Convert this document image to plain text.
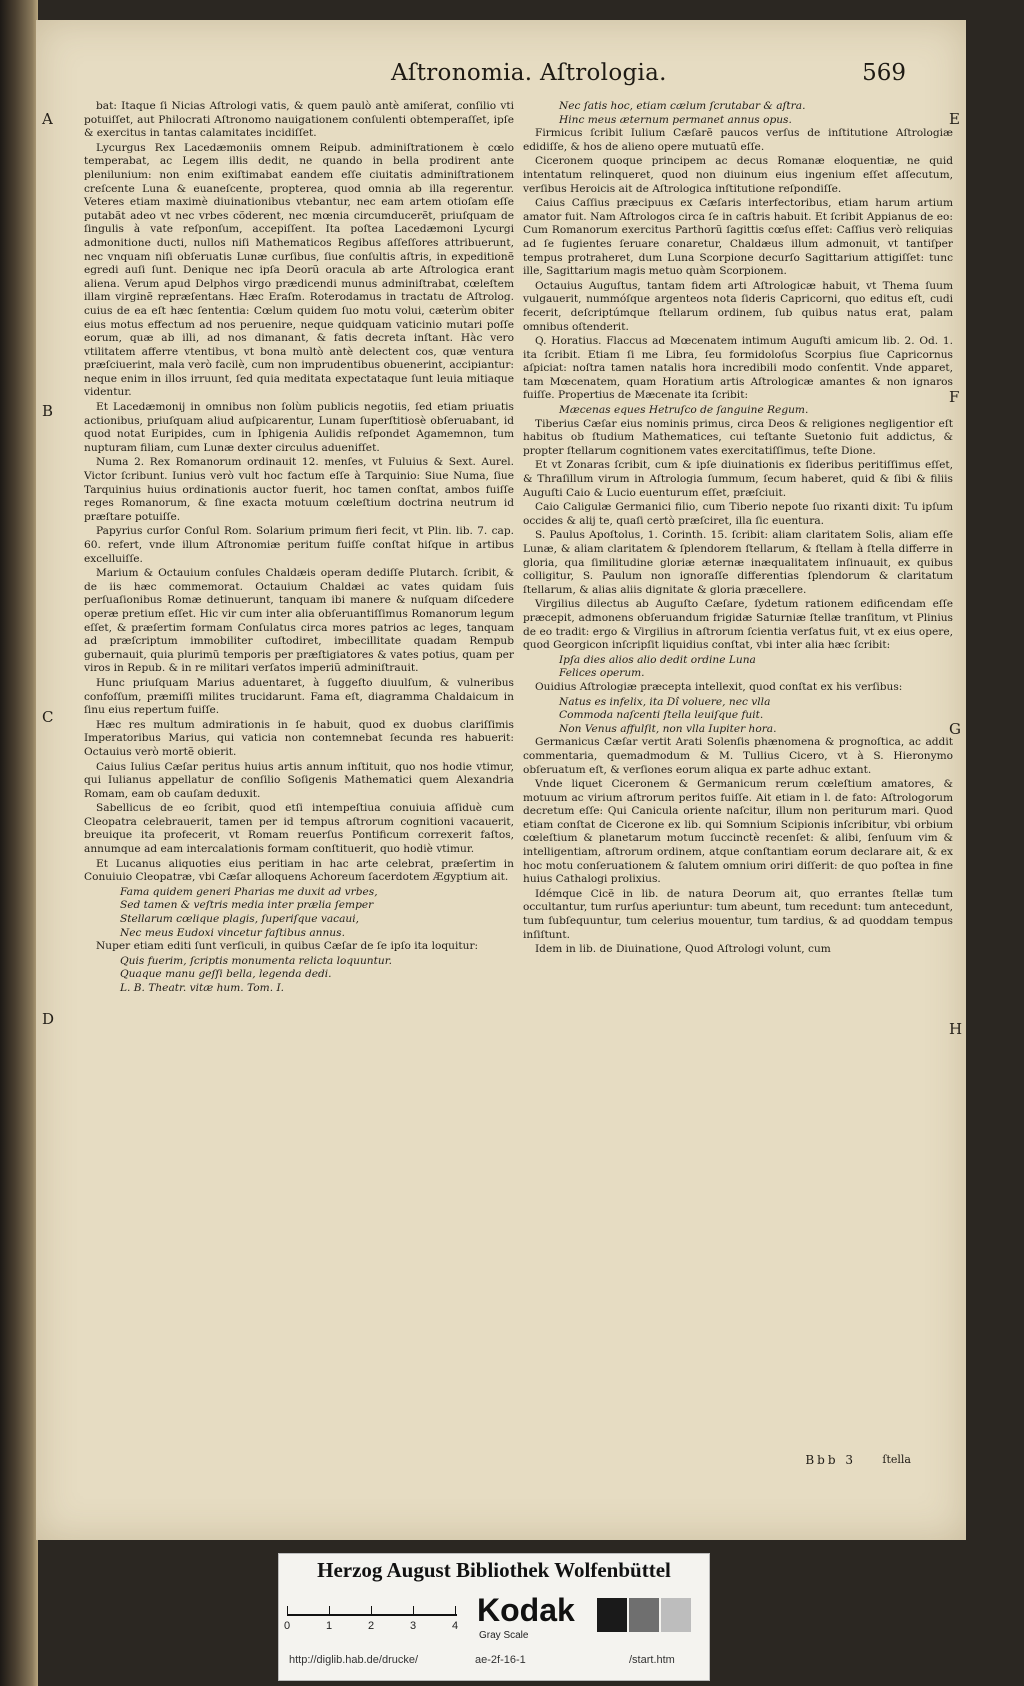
Aſtronomia. Aſtrologia.	569

bat: Itaque ſi Nicias Aſtrologi vatis, & quem paulò antè amiſerat, conſilio vti potuiſſet, aut Philocrati Aſtronomo nauigationem conſulenti obtemperaſſet, ipſe & exercitus in tantas calamitates incidiſſet.

Lycurgus Rex Lacedæmoniis omnem Reipub. adminiſtrationem è cœlo temperabat, ac Legem illis dedit, ne quando in bella prodirent ante plenilunium: non enim exiſtimabat eandem eſſe ciuitatis adminiſtrationem creſcente Luna & euaneſcente, propterea, quod omnia ab illa regerentur. Veteres etiam maximè diuinationibus vtebantur, nec eam artem otioſam eſſe putabãt adeo vt nec vrbes cõderent, nec mœnia circumducerẽt, priuſquam de ſingulis à vate reſponſum, accepiſſent. Ita poſtea Lacedæmoni Lycurgi admonitione ducti, nullos niſi Mathematicos Regibus aſſeſſores attribuerunt, nec vnquam niſi obſeruatis Lunæ curſibus, ſiue conſultis aſtris, in expeditionẽ egredi auſi ſunt. Denique nec ipſa Deorũ oracula ab arte Aſtrologica erant aliena. Verum apud Delphos virgo prædicendi munus adminiſtrabat, cœleſtem illam virginẽ repræſentans. Hæc Eraſm. Roterodamus in tractatu de Aſtrolog. cuius de ea eſt hæc ſententia: Cœlum quidem ſuo motu volui, cæterùm obiter eius motus effectum ad nos peruenire, neque quidquam vaticinio mutari poſſe eorum, quæ ab illi, ad nos dimanant, & fatis decreta inſtant. Hàc vero vtilitatem afferre vtentibus, vt bona multò antè delectent cos, quæ ventura præſciuerint, mala verò facilè, cum non imprudentibus obuenerint, accipiantur: neque enim in illos irruunt, ſed quia meditata expectataque ſunt leuia mitiaque videntur.

Et Lacedæmonij in omnibus non ſolùm publicis negotiis, ſed etiam priuatis actionibus, priuſquam aliud auſpicarentur, Lunam ſuperſtitiosè obſeruabant, id quod notat Euripides, cum in Iphigenia Aulidis reſpondet Agamemnon, tum nupturam filiam, cum Lunæ dexter circulus aduenifſet.

Numa 2. Rex Romanorum ordinauit 12. menſes, vt Fuluius & Sext. Aurel. Victor ſcribunt. Iunius verò vult hoc factum eſſe à Tarquinio: Siue Numa, ſiue Tarquinius huius ordinationis auctor fuerit, hoc tamen conſtat, ambos fuiſſe reges Romanorum, & ſine exacta motuum cœleſtium doctrina neutrum id præſtare potuiſſe.

Papyrius curſor Conſul Rom. Solarium primum fieri fecit, vt Plin. lib. 7. cap. 60. refert, vnde illum Aſtronomiæ peritum fuiſſe conſtat hiſque in artibus excelluiſſe.

Marium & Octauium conſules Chaldæis operam dediſſe Plutarch. ſcribit, & de iis hæc commemorat. Octauium Chaldæi ac vates quidam ſuis perſuaſionibus Romæ detinuerunt, tanquam ibi manere & nuſquam diſcedere operæ pretium eſſet. Hic vir cum inter alia obſeruantiſſimus Romanorum legum eſſet, & præſertim formam Conſulatus circa mores patrios ac leges, tanquam ad præſcriptum immobiliter cuſtodiret, imbecillitate quadam Rempub gubernauit, quia plurimũ temporis per præſtigiatores & vates potius, quam per viros in Repub. & in re militari verſatos imperiũ adminiſtrauit.

Hunc priuſquam Marius aduentaret, à ſuggeſto diuulſum, & vulneribus confoſſum, præmiſſi milites trucidarunt. Fama eſt, diagramma Chaldaicum in ſinu eius repertum fuiſſe.

Hæc res multum admirationis in ſe habuit, quod ex duobus clariſſimis Imperatoribus Marius, qui vaticia non contemnebat ſecunda res habuerit: Octauius verò mortẽ obierit.

Caius Iulius Cæſar peritus huius artis annum inſtituit, quo nos hodie vtimur, qui Iulianus appellatur de conſilio Soſigenis Mathematici quem Alexandria Romam, eam ob cauſam deduxit.

Sabellicus de eo ſcribit, quod etſi intempeſtiua conuiuia aſſiduè cum Cleopatra celebrauerit, tamen per id tempus aſtrorum cognitioni vacauerit, breuique ita profecerit, vt Romam reuerſus Pontificum correxerit faſtos, annumque ad eam intercalationis formam conſtituerit, quo hodiè vtimur.

Et Lucanus aliquoties eius peritiam in hac arte celebrat, præſertim in Conuiuio Cleopatræ, vbi Cæſar alloquens Achoreum ſacerdotem Ægyptium ait.

Fama quidem generi Pharias me duxit ad vrbes,

Sed tamen & veſtris media inter prælia ſemper

Stellarum cœlique plagis, ſuperiſque vacaui,

Nec meus Eudoxi vincetur faſtibus annus.

Nuper etiam editi ſunt verſiculi, in quibus Cæſar de ſe ipſo ita loquitur:

Quis fuerim, ſcriptis monumenta relicta loquuntur.

Quaque manu geſſi bella, legenda dedi.

L. B. Theatr. vitæ hum. Tom. I.

Nec ſatis hoc, etiam cælum ſcrutabar & aſtra.

Hinc meus æternum permanet annus opus.

Firmicus ſcribit Iulium Cæſarẽ paucos verſus de inſtitutione Aſtrologiæ edidiſſe, & hos de alieno opere mutuatũ eſſe.

Ciceronem quoque principem ac decus Romanæ eloquentiæ, ne quid intentatum relinqueret, quod non diuinum eius ingenium eſſet aſſecutum, verſibus Heroicis ait de Aſtrologica inſtitutione reſpondiſſe.

Caius Caſſius præcipuus ex Cæſaris interfectoribus, etiam harum artium amator fuit. Nam Aſtrologos circa ſe in caſtris habuit. Et ſcribit Appianus de eo: Cum Romanorum exercitus Parthorũ ſagittis cœſus eſſet: Caſſius verò reliquias ad ſe fugientes ſeruare conaretur, Chaldæus illum admonuit, vt tantiſper tempus protraheret, dum Luna Scorpione decurſo Sagittarium attigiſſet: tunc ille, Sagittarium magis metuo quàm Scorpionem.

Octauius Auguſtus, tantam fidem arti Aſtrologicæ habuit, vt Thema ſuum vulgauerit, nummóſque argenteos nota ſideris Capricorni, quo editus eſt, cudi fecerit, deſcriptúmque ſtellarum ordinem, ſub quibus natus erat, palam omnibus oſtenderit.

Q. Horatius. Flaccus ad Mœcenatem intimum Auguſti amicum lib. 2. Od. 1. ita ſcribit. Etiam ſi me Libra, ſeu formidoloſus Scorpius ſiue Capricornus aſpiciat: noſtra tamen natalis hora incredibili modo conſentit. Vnde apparet, tam Mœcenatem, quam Horatium artis Aſtrologicæ amantes & non ignaros fuiſſe. Propertius de Mæcenate ita ſcribit:

Mæcenas eques Hetruſco de ſanguine Regum.

Tiberius Cæſar eius nominis primus, circa Deos & religiones negligentior eſt habitus ob ſtudium Mathematices, cui teſtante Suetonio fuit addictus, & propter ſtellarum cognitionem vates exercitatiſſimus, teſte Dione.

Et vt Zonaras ſcribit, cum & ipſe diuinationis ex ſideribus peritiſſimus eſſet, & Thraſillum virum in Aſtrologia ſummum, ſecum haberet, quid & ſibi & filiis Auguſti Caio & Lucio euenturum eſſet, præſciuit.

Caio Caligulæ Germanici filio, cum Tiberio nepote ſuo rixanti dixit: Tu ipſum occides & alij te, quaſi certò præſciret, illa ſic euentura.

S. Paulus Apoſtolus, 1. Corinth. 15. ſcribit: aliam claritatem Solis, aliam eſſe Lunæ, & aliam claritatem & ſplendorem ſtellarum, & ſtellam à ſtella differre in gloria, qua ſimilitudine gloriæ æternæ inæqualitatem inſinuauit, ex quibus colligitur, S. Paulum non ignoraſſe differentias ſplendorum & claritatum ſtellarum, & alias aliis dignitate & gloria præcellere.

Virgilius dilectus ab Auguſto Cæſare, ſydetum rationem edificendam eſſe præcepit, admonens obſeruandum frigidæ Saturniæ ſtellæ tranſitum, vt Plinius de eo tradit: ergo & Virgilius in aſtrorum ſcientia verſatus fuit, vt ex eius opere, quod Georgicon inſcripſit liquidius conſtat, vbi inter alia hæc ſcribit:

Ipſa dies alios alio dedit ordine Luna

Felices operum.

Ouidius Aſtrologiæ præcepta intellexit, quod conſtat ex his verſibus:

Natus es infelix, ita Dî voluere, nec vlla

Commoda naſcenti ſtella leuiſque fuit.

Non Venus affulſit, non vlla Iupiter hora.

Germanicus Cæſar vertit Arati Solenſis phænomena & prognoſtica, ac addit commentaria, quemadmodum & M. Tullius Cicero, vt à S. Hieronymo obſeruatum eſt, & verſiones eorum aliqua ex parte adhuc extant.

Vnde liquet Ciceronem & Germanicum rerum cœleſtium amatores, & motuum ac virium aſtrorum peritos fuiſſe. Ait etiam in l. de fato: Aſtrologorum decretum eſſe: Qui Canicula oriente naſcitur, illum non periturum mari. Quod etiam conſtat de Cicerone ex lib. qui Somnium Scipionis inſcribitur, vbi orbium cœleſtium & planetarum motum ſuccinctè recenſet: & alibi, ſenſuum vim & intelligentiam, aſtrorum ordinem, atque conſtantiam eorum declarare ait, & ex hoc motu conſeruationem & ſalutem omnium oriri diſſerit: de quo poſtea in fine huius Cathalogi prolixius.

Idémque Cicẽ in lib. de natura Deorum ait, quo errantes ſtellæ tum occultantur, tum rurſus aperiuntur: tum abeunt, tum recedunt: tum antecedunt, tum ſubſequuntur, tum celerius mouentur, tum tardius, & ad quoddam tempus inſiſtunt.

Idem in lib. de Diuinatione, Quod Aſtrologi volunt, cum

A
B
C
D
E
F
G
H
Bbb 3 ſtella
Herzog August Bibliothek Wolfenbüttel
0	1	2	3	4 Kodak
Gray Scale
http://diglib.hab.de/drucke/	ae-2f-16-1	/start.htm
